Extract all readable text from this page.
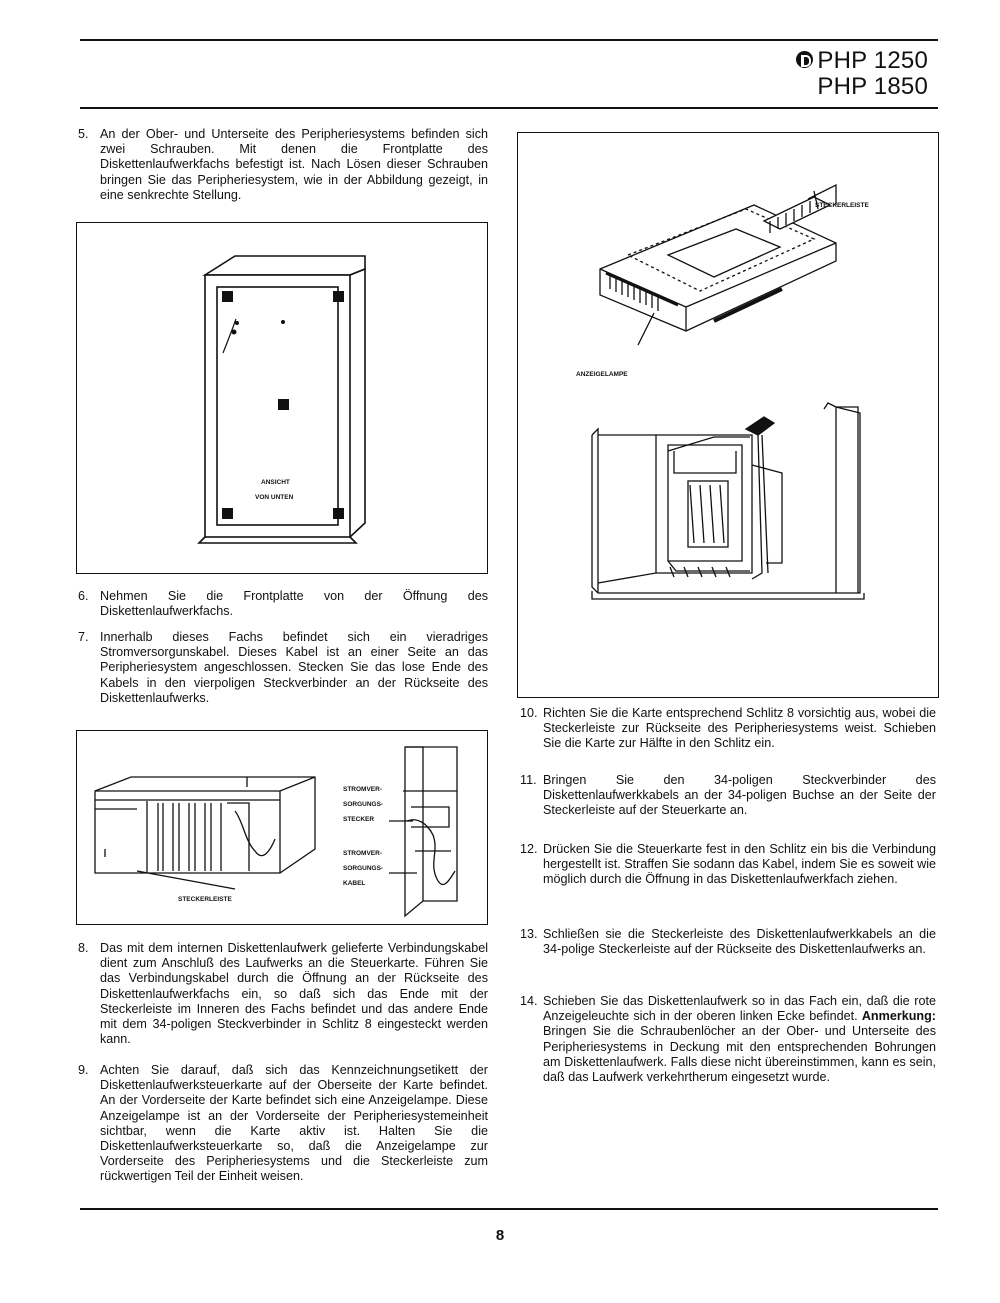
PHP 1250
PHP 1850
5. An der Ober- und Unterseite des Peripheriesystems befinden sich zwei Schrauben. Mit denen die Frontplatte des Diskettenlaufwerkfachs befestigt ist. Nach Lösen dieser Schrauben bringen Sie das Peripheriesystem, wie in der Abbildung gezeigt, in eine senkrechte Stellung.
ANSICHT
VON UNTEN
6. Nehmen Sie die Frontplatte von der Öffnung des Diskettenlaufwerkfachs.
7. Innerhalb dieses Fachs befindet sich ein vieradriges Stromversorgunskabel. Dieses Kabel ist an einer Seite an das Peripheriesystem angeschlossen. Stecken Sie das lose Ende des Kabels in den vierpoligen Steckverbinder an der Rückseite des Diskettenlaufwerks.
STROMVER-
SORGUNGS-
STECKER
STROMVER-
SORGUNGS-
KABEL
STECKERLEISTE
8. Das mit dem internen Diskettenlaufwerk gelieferte Verbindungskabel dient zum Anschluß des Laufwerks an die Steuerkarte. Führen Sie das Verbindungskabel durch die Öffnung an der Rückseite des Diskettenlaufwerkfachs ein, so daß sich das Ende mit der Steckerleiste im Inneren des Fachs befindet und das andere Ende mit dem 34-poligen Steckverbinder in Schlitz 8 eingesteckt werden kann.
9. Achten Sie darauf, daß sich das Kennzeichnungsetikett der Diskettenlaufwerksteuerkarte auf der Oberseite der Karte befindet. An der Vorderseite der Karte befindet sich eine Anzeigelampe. Diese Anzeigelampe ist an der Vorderseite der Peripheriesystemeinheit sichtbar, wenn die Karte aktiv ist. Halten Sie die Diskettenlaufwerksteuerkarte so, daß die Anzeigelampe zur Vorderseite des Peripheriesystems und die Steckerleiste zum rückwertigen Teil der Einheit weisen.
STECKERLEISTE
ANZEIGELAMPE
10. Richten Sie die Karte entsprechend Schlitz 8 vorsichtig aus, wobei die Steckerleiste zur Rückseite des Peripheriesystems weist. Schieben Sie die Karte zur Hälfte in den Schlitz ein.
11. Bringen Sie den 34-poligen Steckverbinder des Diskettenlaufwerkkabels an der 34-poligen Buchse an der Seite der Steckerleiste auf der Steuerkarte an.
12. Drücken Sie die Steuerkarte fest in den Schlitz ein bis die Verbindung hergestellt ist. Straffen Sie sodann das Kabel, indem Sie es soweit wie möglich durch die Öffnung in das Diskettenlaufwerkfach ziehen.
13. Schließen sie die Steckerleiste des Diskettenlaufwerkkabels an die 34-polige Steckerleiste auf der Rückseite des Diskettenlaufwerks an.
14. Schieben Sie das Diskettenlaufwerk so in das Fach ein, daß die rote Anzeigeleuchte sich in der oberen linken Ecke befindet. Anmerkung: Bringen Sie die Schraubenlöcher an der Ober- und Unterseite des Peripheriesystems in Deckung mit den entsprechenden Bohrungen am Diskettenlaufwerk. Falls diese nicht übereinstimmen, kann es sein, daß das Laufwerk verkehrtherum eingesetzt wurde.
8
